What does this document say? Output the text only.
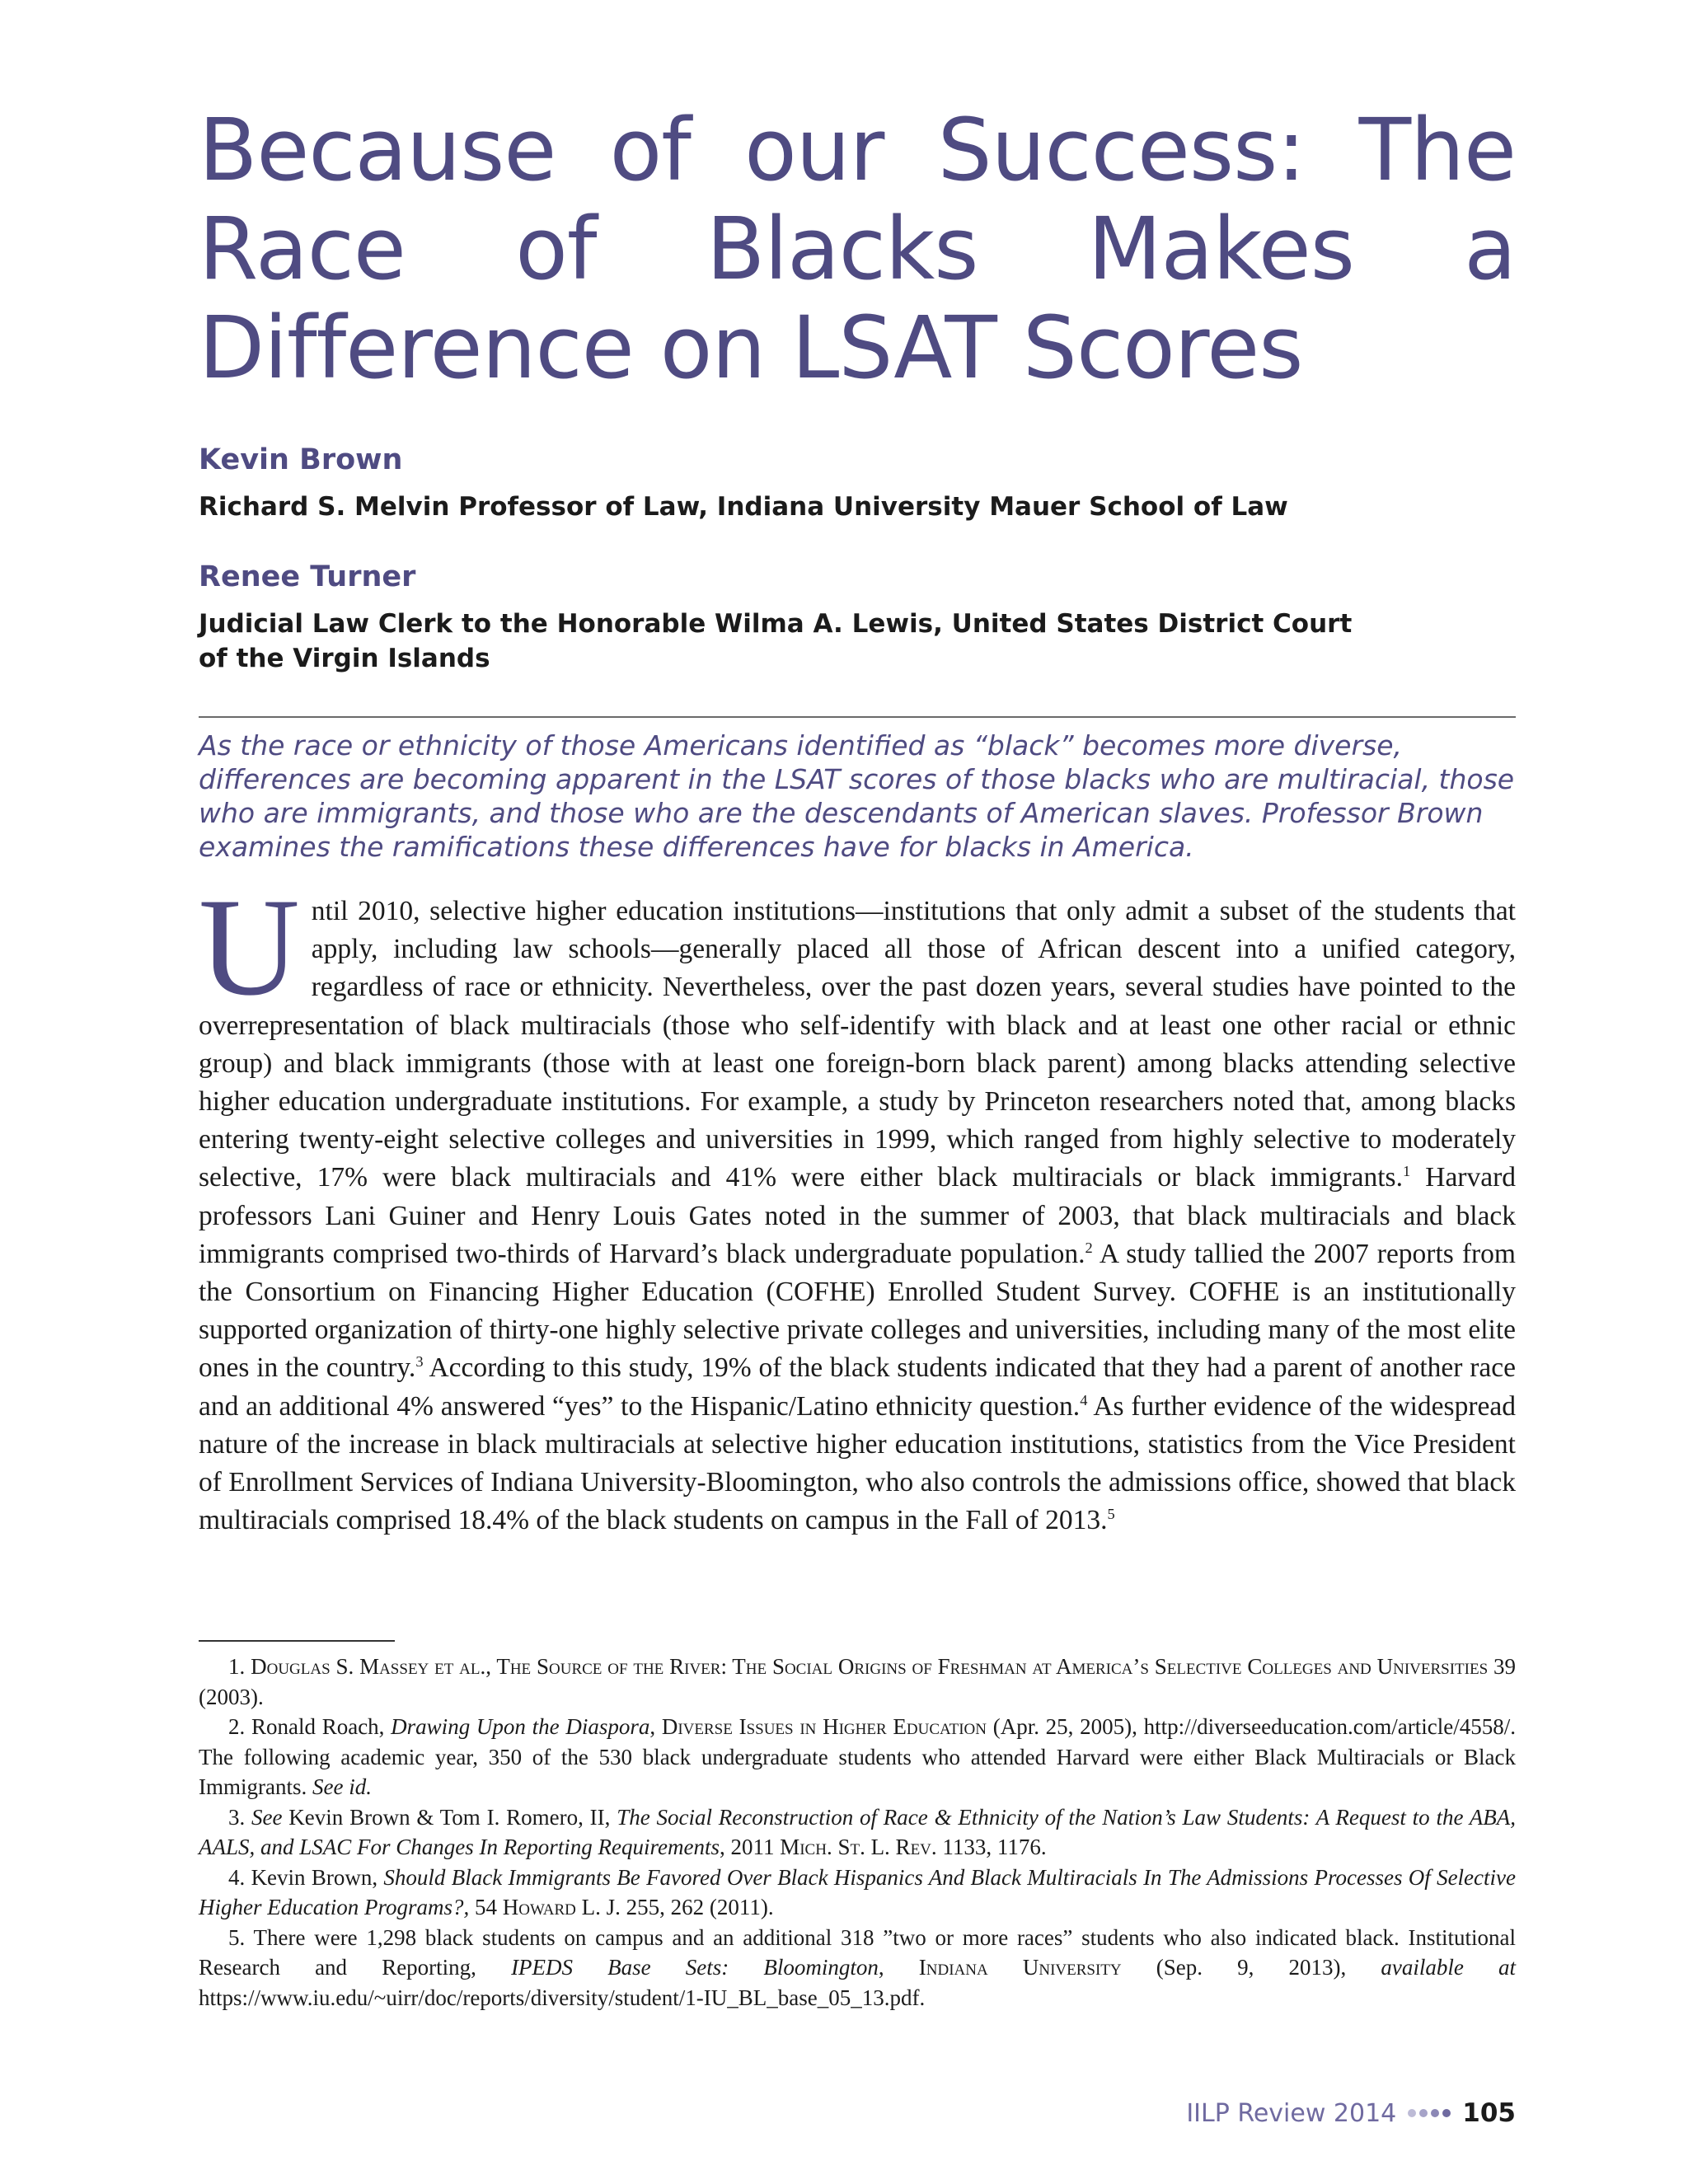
Because of our Success: The Race of Blacks Makes a Difference on LSAT Scores
Kevin Brown
Richard S. Melvin Professor of Law, Indiana University Mauer School of Law
Renee Turner
Judicial Law Clerk to the Honorable Wilma A. Lewis, United States District Court
of the Virgin Islands

As the race or ethnicity of those Americans identified as “black” becomes more diverse, differences are becoming apparent in the LSAT scores of those blacks who are multiracial, those who are immigrants, and those who are the descendants of American slaves. Professor Brown examines the ramifications these differences have for blacks in America.

Until 2010, selective higher education institutions—institutions that only admit a subset of the students that apply, including law schools—generally placed all those of African descent into a unified category, regardless of race or ethnicity. Nevertheless, over the past dozen years, several studies have pointed to the overrepresentation of black multiracials (those who self-identify with black and at least one other racial or ethnic group) and black immigrants (those with at least one foreign-born black parent) among blacks attending selective higher education undergraduate institutions. For example, a study by Princeton researchers noted that, among blacks entering twenty-eight selective colleges and universities in 1999, which ranged from highly selective to moderately selective, 17% were black multiracials and 41% were either black multiracials or black immigrants.$^1$ Harvard professors Lani Guiner and Henry Louis Gates noted in the summer of 2003, that black multiracials and black immigrants comprised two-thirds of Harvard’s black undergraduate population.$^2$ A study tallied the 2007 reports from the Consortium on Financing Higher Education (COFHE) Enrolled Student Survey. COFHE is an institutionally supported organization of thirty-one highly selective private colleges and universities, including many of the most elite ones in the country.$^3$ According to this study, 19% of the black students indicated that they had a parent of another race and an additional 4% answered “yes” to the Hispanic/Latino ethnicity question.$^4$ As further evidence of the widespread nature of the increase in black multiracials at selective higher education institutions, statistics from the Vice President of Enrollment Services of Indiana University-Bloomington, who also controls the admissions office, showed that black multiracials comprised 18.4% of the black students on campus in the Fall of 2013.$^5$

1. Douglas S. Massey et al., The Source of the River: The Social Origins of Freshman at America’s Selective Colleges and Universities 39 (2003).

2. Ronald Roach, Drawing Upon the Diaspora, Diverse Issues in Higher Education (Apr. 25, 2005), http://diverseeducation.com/article/4558/. The following academic year, 350 of the 530 black undergraduate students who attended Harvard were either Black Multiracials or Black Immigrants. See id.

3. See Kevin Brown & Tom I. Romero, II, The Social Reconstruction of Race & Ethnicity of the Nation’s Law Students: A Request to the ABA, AALS, and LSAC For Changes In Reporting Requirements, 2011 Mich. St. L. Rev. 1133, 1176.

4. Kevin Brown, Should Black Immigrants Be Favored Over Black Hispanics And Black Multiracials In The Admissions Processes Of Selective Higher Education Programs?, 54 Howard L. J. 255, 262 (2011).

5. There were 1,298 black students on campus and an additional 318 ”two or more races” students who also indicated black. Institutional Research and Reporting, IPEDS Base Sets: Bloomington, Indiana University (Sep. 9, 2013), available at https://www.iu.edu/~uirr/doc/reports/diversity/student/1-IU_BL_base_05_13.pdf.

IILP Review 2014	105
